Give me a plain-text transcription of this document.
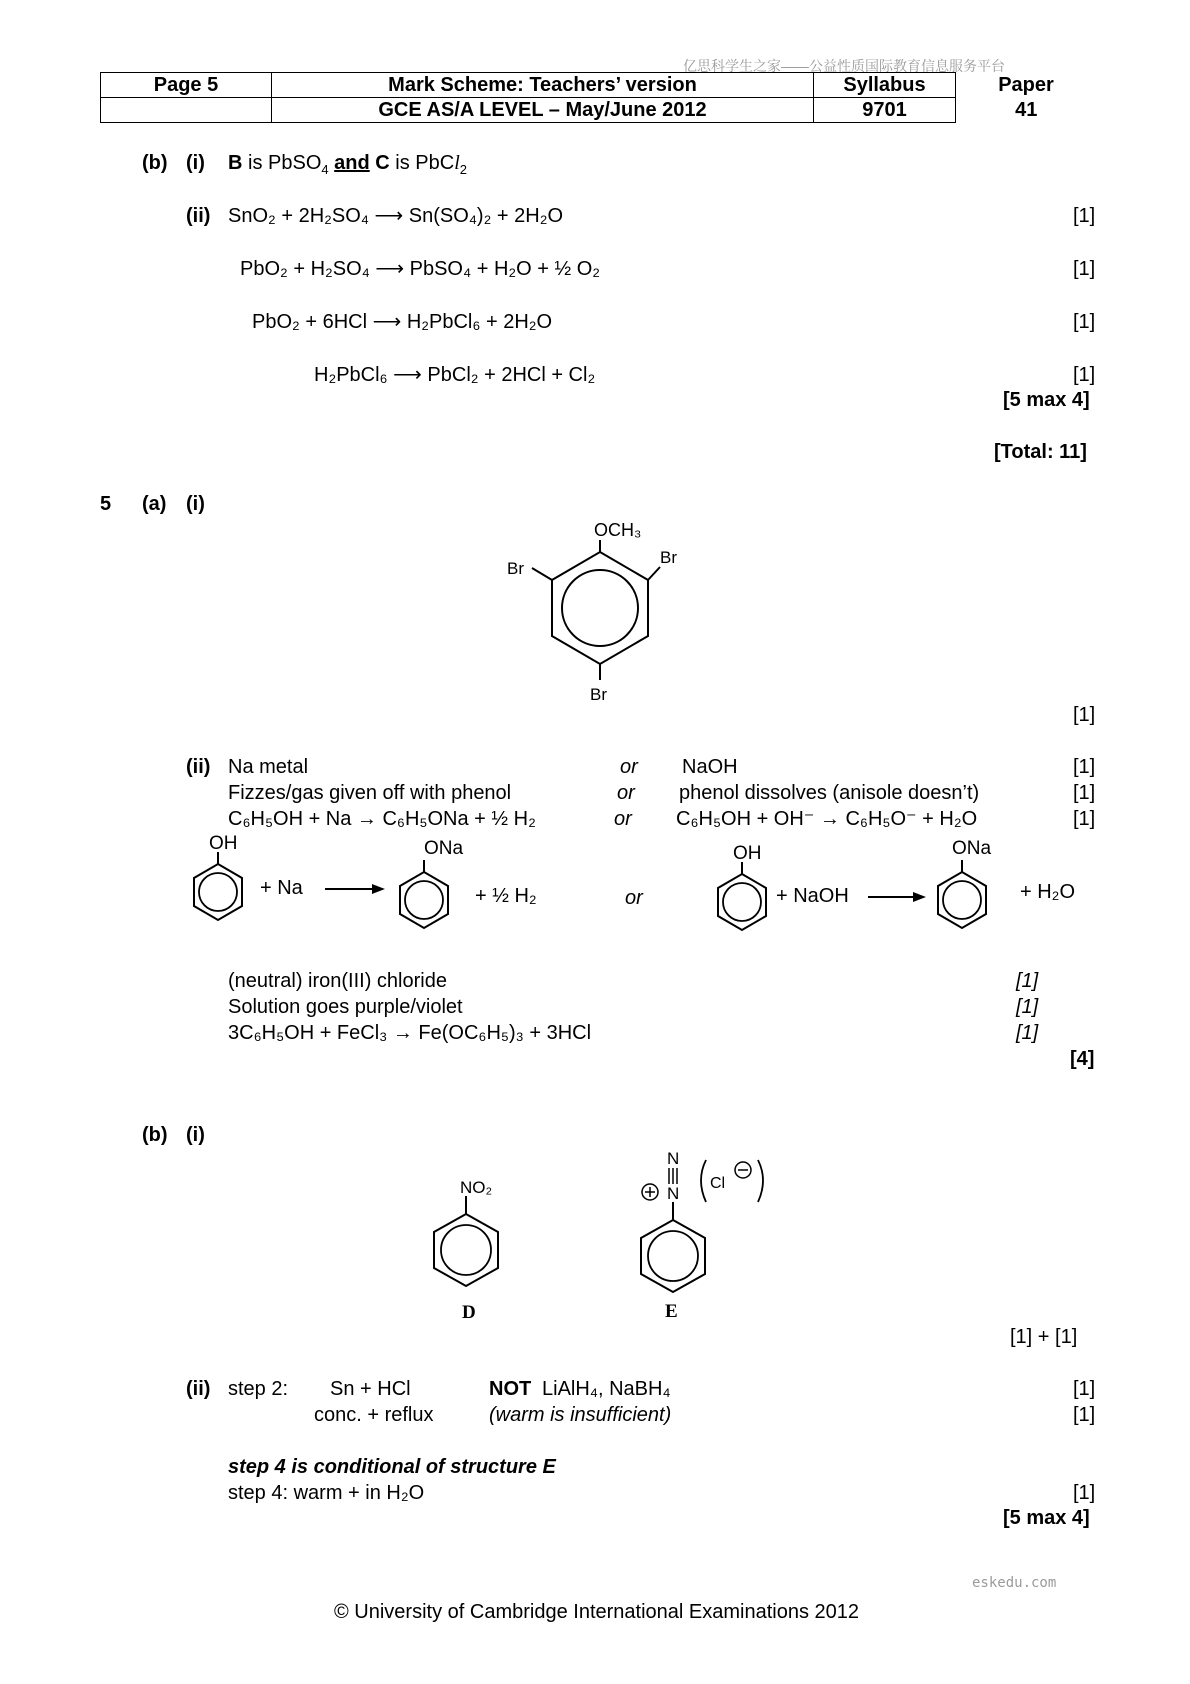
亿思科学生之家——公益性质国际教育信息服务平台
Page 5	Mark Scheme: Teachers’ version	Syllabus	Paper
	GCE AS/A LEVEL – May/June 2012	9701	41
(b) (i) B is PbSO$_4$ and C is PbCl$_2$
(ii) SnO₂ + 2H₂SO₄ ⟶ Sn(SO₄)₂ + 2H₂O	[1]
PbO₂ + H₂SO₄ ⟶ PbSO₄ + H₂O + ½ O₂	[1]
PbO₂ + 6HCl ⟶ H₂PbCl₆ + 2H₂O	[1]
H₂PbCl₆ ⟶ PbCl₂ + 2HCl + Cl₂	[1]
[5 max 4]
[Total: 11]
5 (a) (i)
OCH₃
Br
Br
Br
[1]
(ii) Na metal	or NaOH	[1]
Fizzes/gas given off with phenol	or phenol dissolves (anisole doesn’t)	[1]
C₆H₅OH + Na → C₆H₅ONa + ½ H₂	or C₆H₅OH + OH⁻ → C₆H₅O⁻ + H₂O	[1]
OH
+ Na
ONa
+ ½ H₂	or
OH
+ NaOH
ONa
+ H₂O
(neutral) iron(III) chloride	[1]
Solution goes purple/violet	[1]
3C₆H₅OH + FeCl₃ → Fe(OC₆H₅)₃ + 3HCl	[1]
[4]
(b) (i)
NO₂
D
N
N
Cl
E
[1] + [1]
(ii) step 2: Sn + HCl	NOT LiAlH₄, NaBH₄	[1]
conc. + reflux	(warm is insufficient)	[1]
step 4 is conditional of structure E
step 4: warm + in H₂O	[1]
[5 max 4]
eskedu.com
© University of Cambridge International Examinations 2012
